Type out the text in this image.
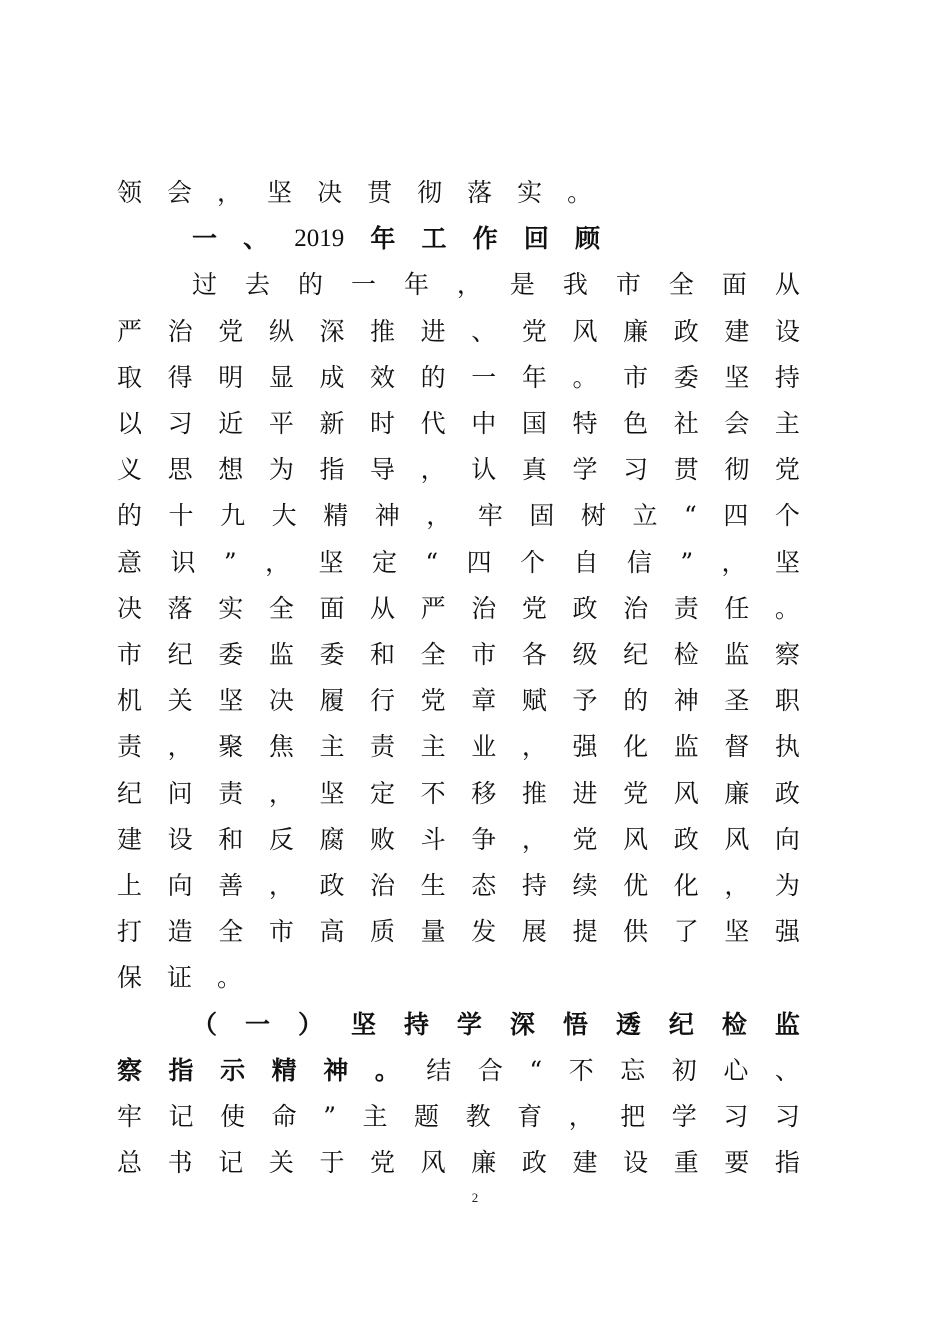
领 会 ， 坚 决 贯 彻 落 实 。
一 、 2019 年 工 作 回 顾
过 去 的 一 年 ， 是 我 市 全 面 从
严 治 党 纵 深 推 进 、 党 风 廉 政 建 设
取 得 明 显 成 效 的 一 年 。 市 委 坚 持
以 习 近 平 新 时 代 中 国 特 色 社 会 主
义 思 想 为 指 导 ， 认 真 学 习 贯 彻 党
的 十 九 大 精 神 ， 牢 固 树 立 “ 四 个
意 识 ” ， 坚 定 “ 四 个 自 信 ” ， 坚
决 落 实 全 面 从 严 治 党 政 治 责 任 。
市 纪 委 监 委 和 全 市 各 级 纪 检 监 察
机 关 坚 决 履 行 党 章 赋 予 的 神 圣 职
责 ， 聚 焦 主 责 主 业 ， 强 化 监 督 执
纪 问 责 ， 坚 定 不 移 推 进 党 风 廉 政
建 设 和 反 腐 败 斗 争 ， 党 风 政 风 向
上 向 善 ， 政 治 生 态 持 续 优 化 ， 为
打 造 全 市 高 质 量 发 展 提 供 了 坚 强
保 证 。
（ 一 ） 坚 持 学 深 悟 透 纪 检 监
察 指 示 精 神 。 结 合 “ 不 忘 初 心 、
牢 记 使 命 ” 主 题 教 育 ， 把 学 习 习
总 书 记 关 于 党 风 廉 政 建 设 重 要 指
2
